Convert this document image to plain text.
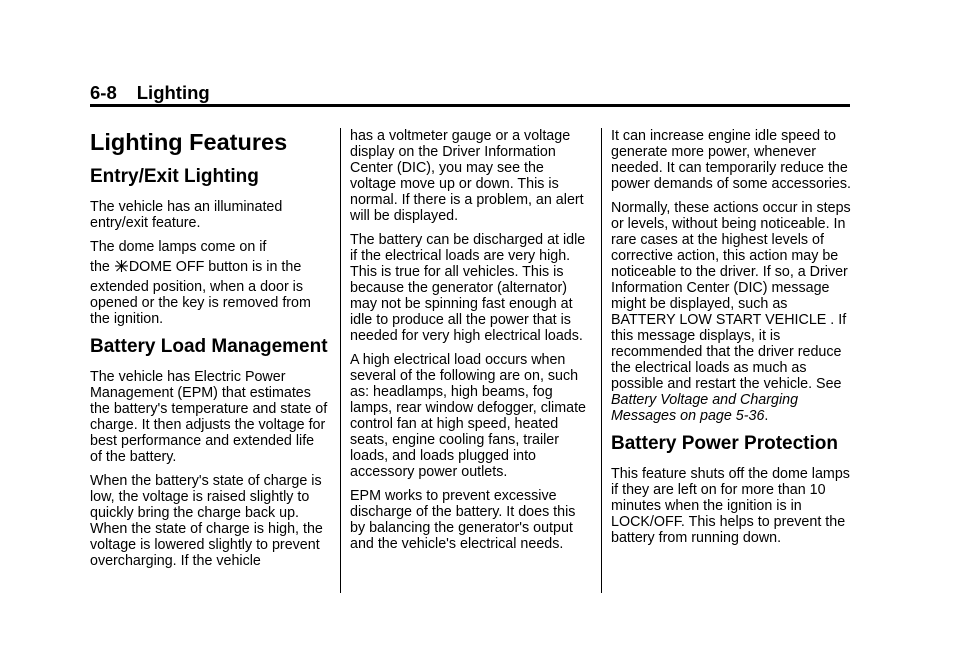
6-8 Lighting
Lighting Features
Entry/Exit Lighting

The vehicle has an illuminated entry/exit feature.

The dome lamps come on if

the DOME OFF button is in the

extended position, when a door is opened or the key is removed from the ignition.

Battery Load Management

The vehicle has Electric Power Management (EPM) that estimates the battery's temperature and state of charge. It then adjusts the voltage for best performance and extended life of the battery.

When the battery's state of charge is low, the voltage is raised slightly to quickly bring the charge back up. When the state of charge is high, the voltage is lowered slightly to prevent overcharging. If the vehicle

has a voltmeter gauge or a voltage display on the Driver Information Center (DIC), you may see the voltage move up or down. This is normal. If there is a problem, an alert will be displayed.

The battery can be discharged at idle if the electrical loads are very high. This is true for all vehicles. This is because the generator (alternator) may not be spinning fast enough at idle to produce all the power that is needed for very high electrical loads.

A high electrical load occurs when several of the following are on, such as: headlamps, high beams, fog lamps, rear window defogger, climate control fan at high speed, heated seats, engine cooling fans, trailer loads, and loads plugged into accessory power outlets.

EPM works to prevent excessive discharge of the battery. It does this by balancing the generator's output and the vehicle's electrical needs.

It can increase engine idle speed to generate more power, whenever needed. It can temporarily reduce the power demands of some accessories.

Normally, these actions occur in steps or levels, without being noticeable. In rare cases at the highest levels of corrective action, this action may be noticeable to the driver. If so, a Driver Information Center (DIC) message might be displayed, such as BATTERY LOW START VEHICLE . If this message displays, it is recommended that the driver reduce the electrical loads as much as possible and restart the vehicle. See Battery Voltage and Charging Messages on page 5-36.

Battery Power Protection

This feature shuts off the dome lamps if they are left on for more than 10 minutes when the ignition is in LOCK/OFF. This helps to prevent the battery from running down.
